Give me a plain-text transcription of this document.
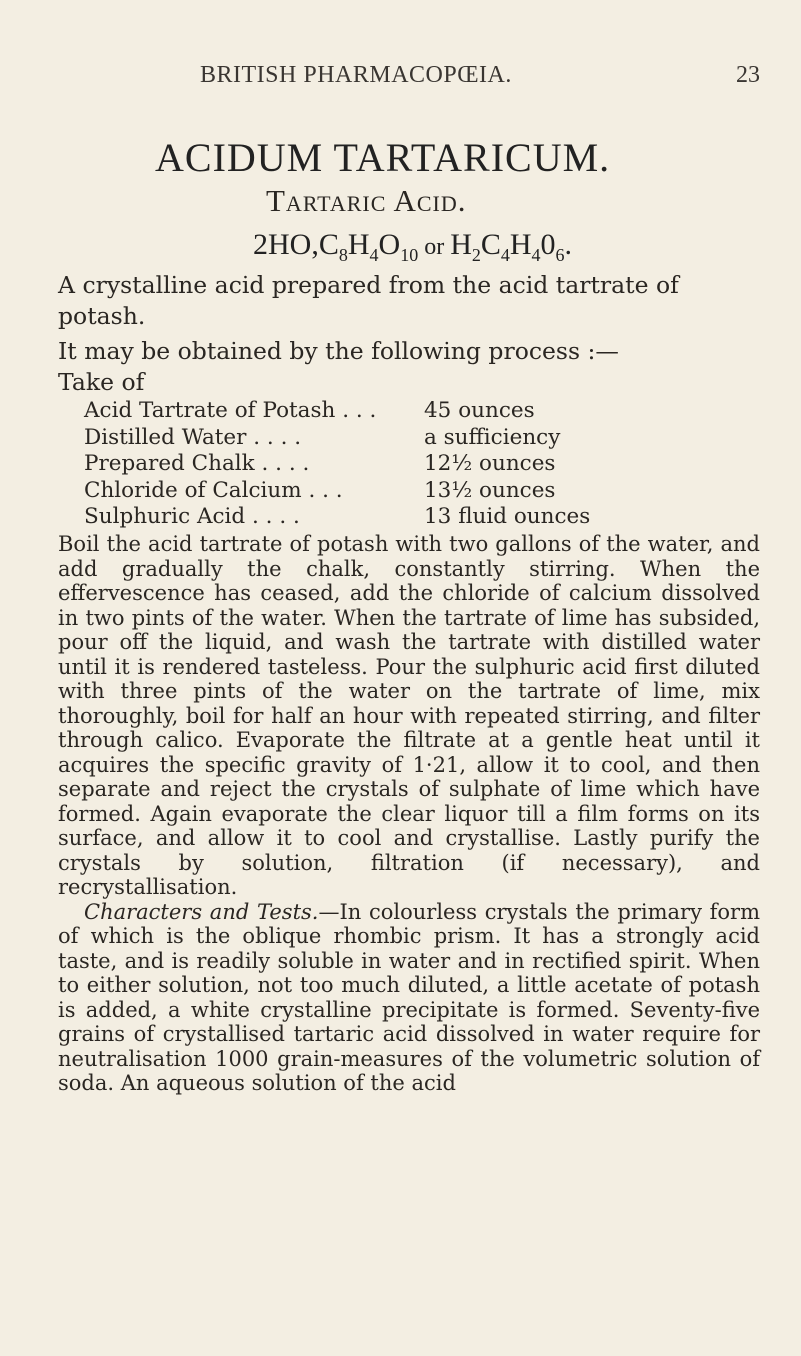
BRITISH PHARMACOPŒIA.	23
ACIDUM TARTARICUM.
Tartaric Acid.
$2HO,C_8H_4O_{10}$ or $H_2C_4H_40_6$.
A crystalline acid prepared from the acid tartrate of potash.
It may be obtained by the following process :—
Take of
Acid Tartrate of Potash . . .	45 ounces
Distilled Water . . . .	a sufficiency
Prepared Chalk . . . .	12½ ounces
Chloride of Calcium . . .	13½ ounces
Sulphuric Acid . . . .	13 fluid ounces

Boil the acid tartrate of potash with two gallons of the water, and add gradually the chalk, constantly stirring. When the effervescence has ceased, add the chloride of calcium dissolved in two pints of the water. When the tartrate of lime has subsided, pour off the liquid, and wash the tartrate with distilled water until it is rendered tasteless. Pour the sulphuric acid first diluted with three pints of the water on the tartrate of lime, mix thoroughly, boil for half an hour with repeated stirring, and filter through calico. Evaporate the filtrate at a gentle heat until it acquires the specific gravity of 1·21, allow it to cool, and then separate and reject the crystals of sulphate of lime which have formed. Again evaporate the clear liquor till a film forms on its surface, and allow it to cool and crystallise. Lastly purify the crystals by solution, filtration (if necessary), and recrystallisation.

Characters and Tests.—In colourless crystals the primary form of which is the oblique rhombic prism. It has a strongly acid taste, and is readily soluble in water and in rectified spirit. When to either solution, not too much diluted, a little acetate of potash is added, a white crystalline precipitate is formed. Seventy-five grains of crystallised tartaric acid dissolved in water require for neutralisation 1000 grain-measures of the volumetric solution of soda. An aqueous solution of the acid
